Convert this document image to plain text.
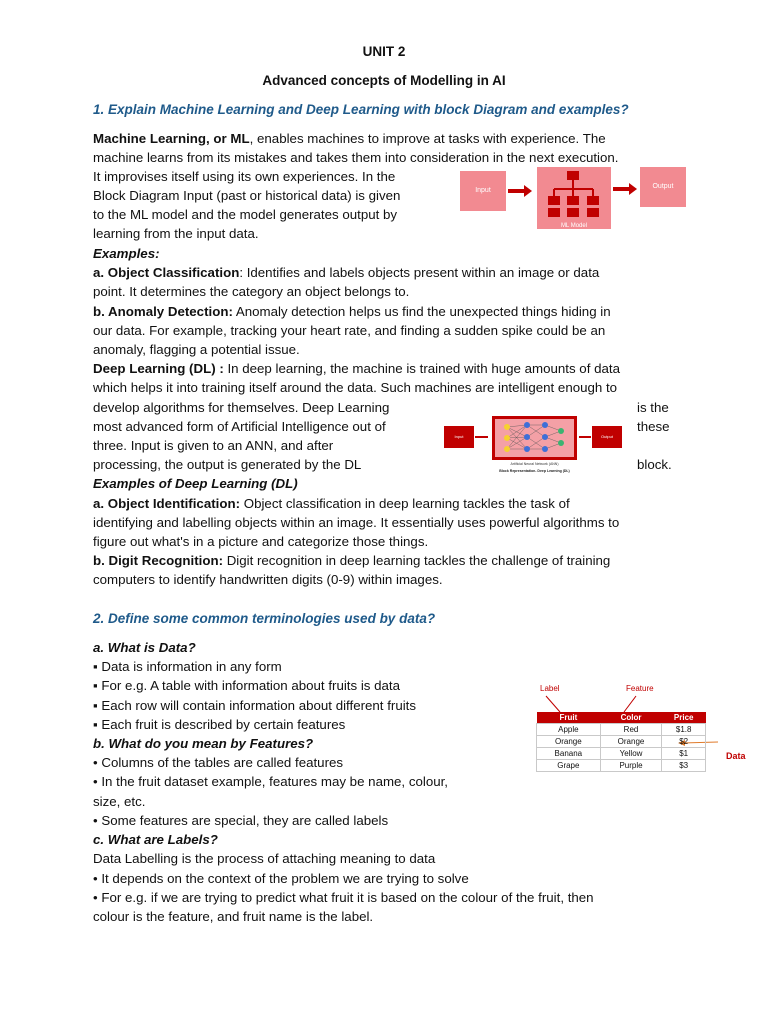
UNIT 2
Advanced concepts of Modelling in AI
1. Explain Machine Learning and Deep Learning with block Diagram and examples?
Machine Learning, or ML, enables machines to improve at tasks with experience. The
machine learns from its mistakes and takes them into consideration in the next execution.
It improvises itself using its own experiences. In the
Block Diagram Input (past or historical data) is given
to the ML model and the model generates output by
learning from the input data.
Input
ML Model
Output
Examples:
a. Object Classification: Identifies and labels objects present within an image or data
point. It determines the category an object belongs to.
b. Anomaly Detection: Anomaly detection helps us find the unexpected things hiding in
our data. For example, tracking your heart rate, and finding a sudden spike could be an
anomaly, flagging a potential issue.
Deep Learning (DL) : In deep learning, the machine is trained with huge amounts of data
which helps it into training itself around the data. Such machines are intelligent enough to
develop algorithms for themselves. Deep Learning	is the
most advanced form of Artificial Intelligence out of	these
three. Input is given to an ANN, and after
processing, the output is generated by the DL	block.
Input	Output
Artificial Neural Network (ANN)
Block Representation- Deep Learning (DL)
Examples of Deep Learning (DL)
a. Object Identification: Object classification in deep learning tackles the task of
identifying and labelling objects within an image. It essentially uses powerful algorithms to
figure out what's in a picture and categorize those things.
b. Digit Recognition: Digit recognition in deep learning tackles the challenge of training
computers to identify handwritten digits (0-9) within images.
2. Define some common terminologies used by data?
a. What is Data?
▪ Data is information in any form
▪ For e.g. A table with information about fruits is data
▪ Each row will contain information about different fruits
▪ Each fruit is described by certain features
b. What do you mean by Features?
• Columns of the tables are called features
• In the fruit dataset example, features may be name, colour,
size, etc.
• Some features are special, they are called labels
c. What are Labels?
Data Labelling is the process of attaching meaning to data
• It depends on the context of the problem we are trying to solve
• For e.g. if we are trying to predict what fruit it is based on the colour of the fruit, then
colour is the feature, and fruit name is the label.
Label	Feature
Fruit	Color	Price
Apple	Red	$1.8
Orange	Orange	$2
Banana	Yellow	$1
Grape	Purple	$3
Data
